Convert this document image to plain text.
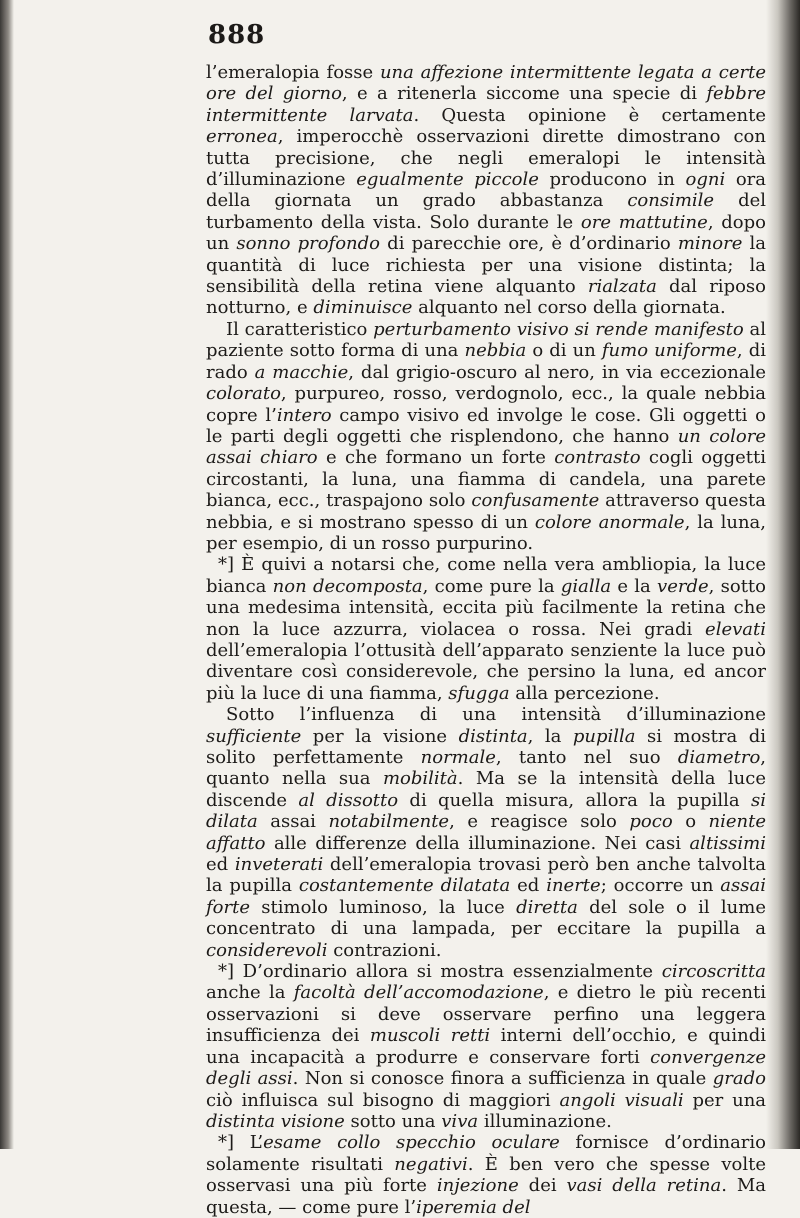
888

l’emeralopia fosse una affezione intermittente legata a certe ore del giorno, e a ritenerla siccome una specie di febbre intermittente larvata. Questa opinione è certamente erronea, imperocchè osservazioni dirette dimostrano con tutta precisione, che negli emeralopi le intensità d’illuminazione egualmente piccole producono in ogni ora della giornata un grado abbastanza consimile del turbamento della vista. Solo durante le ore mattutine, dopo un sonno profondo di parecchie ore, è d’ordinario minore la quantità di luce richiesta per una visione distinta; la sensibilità della retina viene alquanto rialzata dal riposo notturno, e diminuisce alquanto nel corso della giornata.

Il caratteristico perturbamento visivo si rende manifesto al paziente sotto forma di una nebbia o di un fumo uniforme, di rado a macchie, dal grigio-oscuro al nero, in via eccezionale colorato, purpureo, rosso, verdognolo, ecc., la quale nebbia copre l’intero campo visivo ed involge le cose. Gli oggetti o le parti degli oggetti che risplendono, che hanno un colore assai chiaro e che formano un forte contrasto cogli oggetti circostanti, la luna, una fiamma di candela, una parete bianca, ecc., traspajono solo confusamente attraverso questa nebbia, e si mostrano spesso di un colore anormale, la luna, per esempio, di un rosso purpurino.

*] È quivi a notarsi che, come nella vera ambliopia, la luce bianca non decomposta, come pure la gialla e la verde, sotto una medesima intensità, eccita più facilmente la retina che non la luce azzurra, violacea o rossa. Nei gradi elevati dell’emeralopia l’ottusità dell’apparato senziente la luce può diventare così considerevole, che persino la luna, ed ancor più la luce di una fiamma, sfugga alla percezione.

Sotto l’influenza di una intensità d’illuminazione sufficiente per la visione distinta, la pupilla si mostra di solito perfettamente normale, tanto nel suo diametro, quanto nella sua mobilità. Ma se la intensità della luce discende al dissotto di quella misura, allora la pupilla si dilata assai notabilmente, e reagisce solo poco o niente affatto alle differenze della illuminazione. Nei casi altissimi ed inveterati dell’emeralopia trovasi però ben anche talvolta la pupilla costantemente dilatata ed inerte; occorre un assai forte stimolo luminoso, la luce diretta del sole o il lume concentrato di una lampada, per eccitare la pupilla a considerevoli contrazioni.

*] D’ordinario allora si mostra essenzialmente circoscritta anche la facoltà dell’accomodazione, e dietro le più recenti osservazioni si deve osservare perfino una leggera insufficienza dei muscoli retti interni dell’occhio, e quindi una incapacità a produrre e conservare forti convergenze degli assi. Non si conosce finora a sufficienza in quale grado ciò influisca sul bisogno di maggiori angoli visuali per una distinta visione sotto una viva illuminazione.

*] L’esame collo specchio oculare fornisce d’ordinario solamente risultati negativi. È ben vero che spesse volte osservasi una più forte injezione dei vasi della retina. Ma questa, — come pure l’iperemia del
